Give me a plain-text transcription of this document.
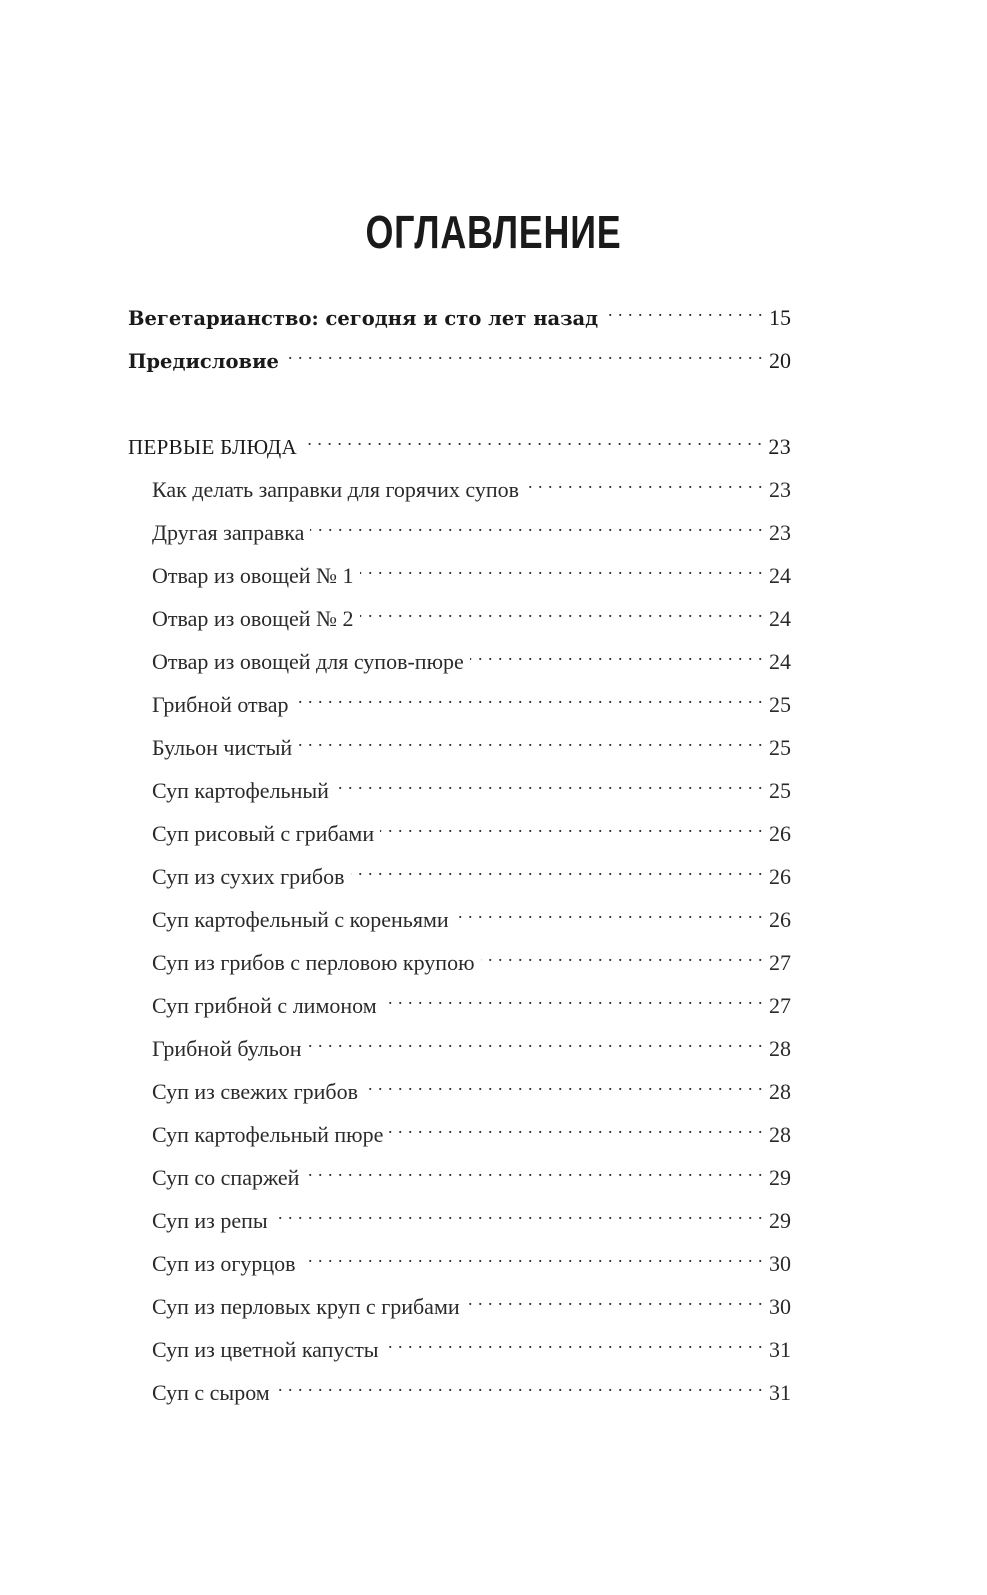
ОГЛАВЛЕНИЕ
Вегетарианство: сегодня и сто лет назад . . .	15
Предисловие . . .	20
ПЕРВЫЕ БЛЮДА . . .	23
Как делать заправки для горячих супов . . .	23
Другая заправка . . .	23
Отвар из овощей № 1 . . .	24
Отвар из овощей № 2 . . .	24
Отвар из овощей для супов-пюре . . .	24
Грибной отвар . . .	25
Бульон чистый . . .	25
Суп картофельный . . .	25
Суп рисовый с грибами . . .	26
Суп из сухих грибов . . .	26
Суп картофельный с кореньями . . .	26
Суп из грибов с перловою крупою . . .	27
Суп грибной с лимоном . . .	27
Грибной бульон . . .	28
Суп из свежих грибов . . .	28
Суп картофельный пюре . . .	28
Суп со спаржей . . .	29
Суп из репы . . .	29
Суп из огурцов . . .	30
Суп из перловых круп с грибами . . .	30
Суп из цветной капусты . . .	31
Суп с сыром . . .	31
